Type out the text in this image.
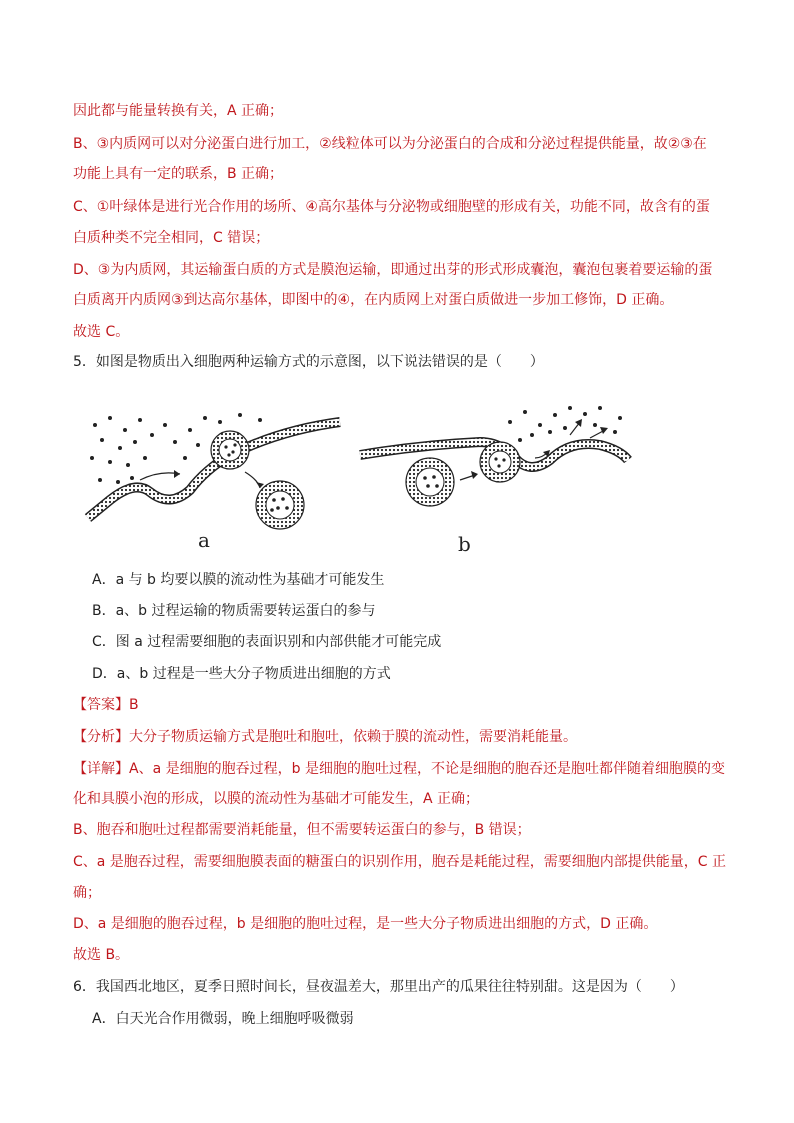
因此都与能量转换有关，A 正确；
B、③内质网可以对分泌蛋白进行加工，②线粒体可以为分泌蛋白的合成和分泌过程提供能量，故②③在
功能上具有一定的联系，B 正确；
C、①叶绿体是进行光合作用的场所、④高尔基体与分泌物或细胞壁的形成有关，功能不同，故含有的蛋
白质种类不完全相同，C 错误；
D、③为内质网，其运输蛋白质的方式是膜泡运输，即通过出芽的形式形成囊泡，囊泡包裹着要运输的蛋
白质离开内质网③到达高尔基体，即图中的④，在内质网上对蛋白质做进一步加工修饰，D 正确。
故选 C。
5．如图是物质出入细胞两种运输方式的示意图，以下说法错误的是（　　）
a	b
A．a 与 b 均要以膜的流动性为基础才可能发生
B．a、b 过程运输的物质需要转运蛋白的参与
C．图 a 过程需要细胞的表面识别和内部供能才可能完成
D．a、b 过程是一些大分子物质进出细胞的方式
【答案】B
【分析】大分子物质运输方式是胞吐和胞吐，依赖于膜的流动性，需要消耗能量。
【详解】A、a 是细胞的胞吞过程，b 是细胞的胞吐过程，不论是细胞的胞吞还是胞吐都伴随着细胞膜的变
化和具膜小泡的形成，以膜的流动性为基础才可能发生，A 正确；
B、胞吞和胞吐过程都需要消耗能量，但不需要转运蛋白的参与，B 错误；
C、a 是胞吞过程，需要细胞膜表面的糖蛋白的识别作用，胞吞是耗能过程，需要细胞内部提供能量，C 正
确；
D、a 是细胞的胞吞过程，b 是细胞的胞吐过程，是一些大分子物质进出细胞的方式，D 正确。
故选 B。
6．我国西北地区，夏季日照时间长，昼夜温差大，那里出产的瓜果往往特别甜。这是因为（　　）
A．白天光合作用微弱，晚上细胞呼吸微弱
